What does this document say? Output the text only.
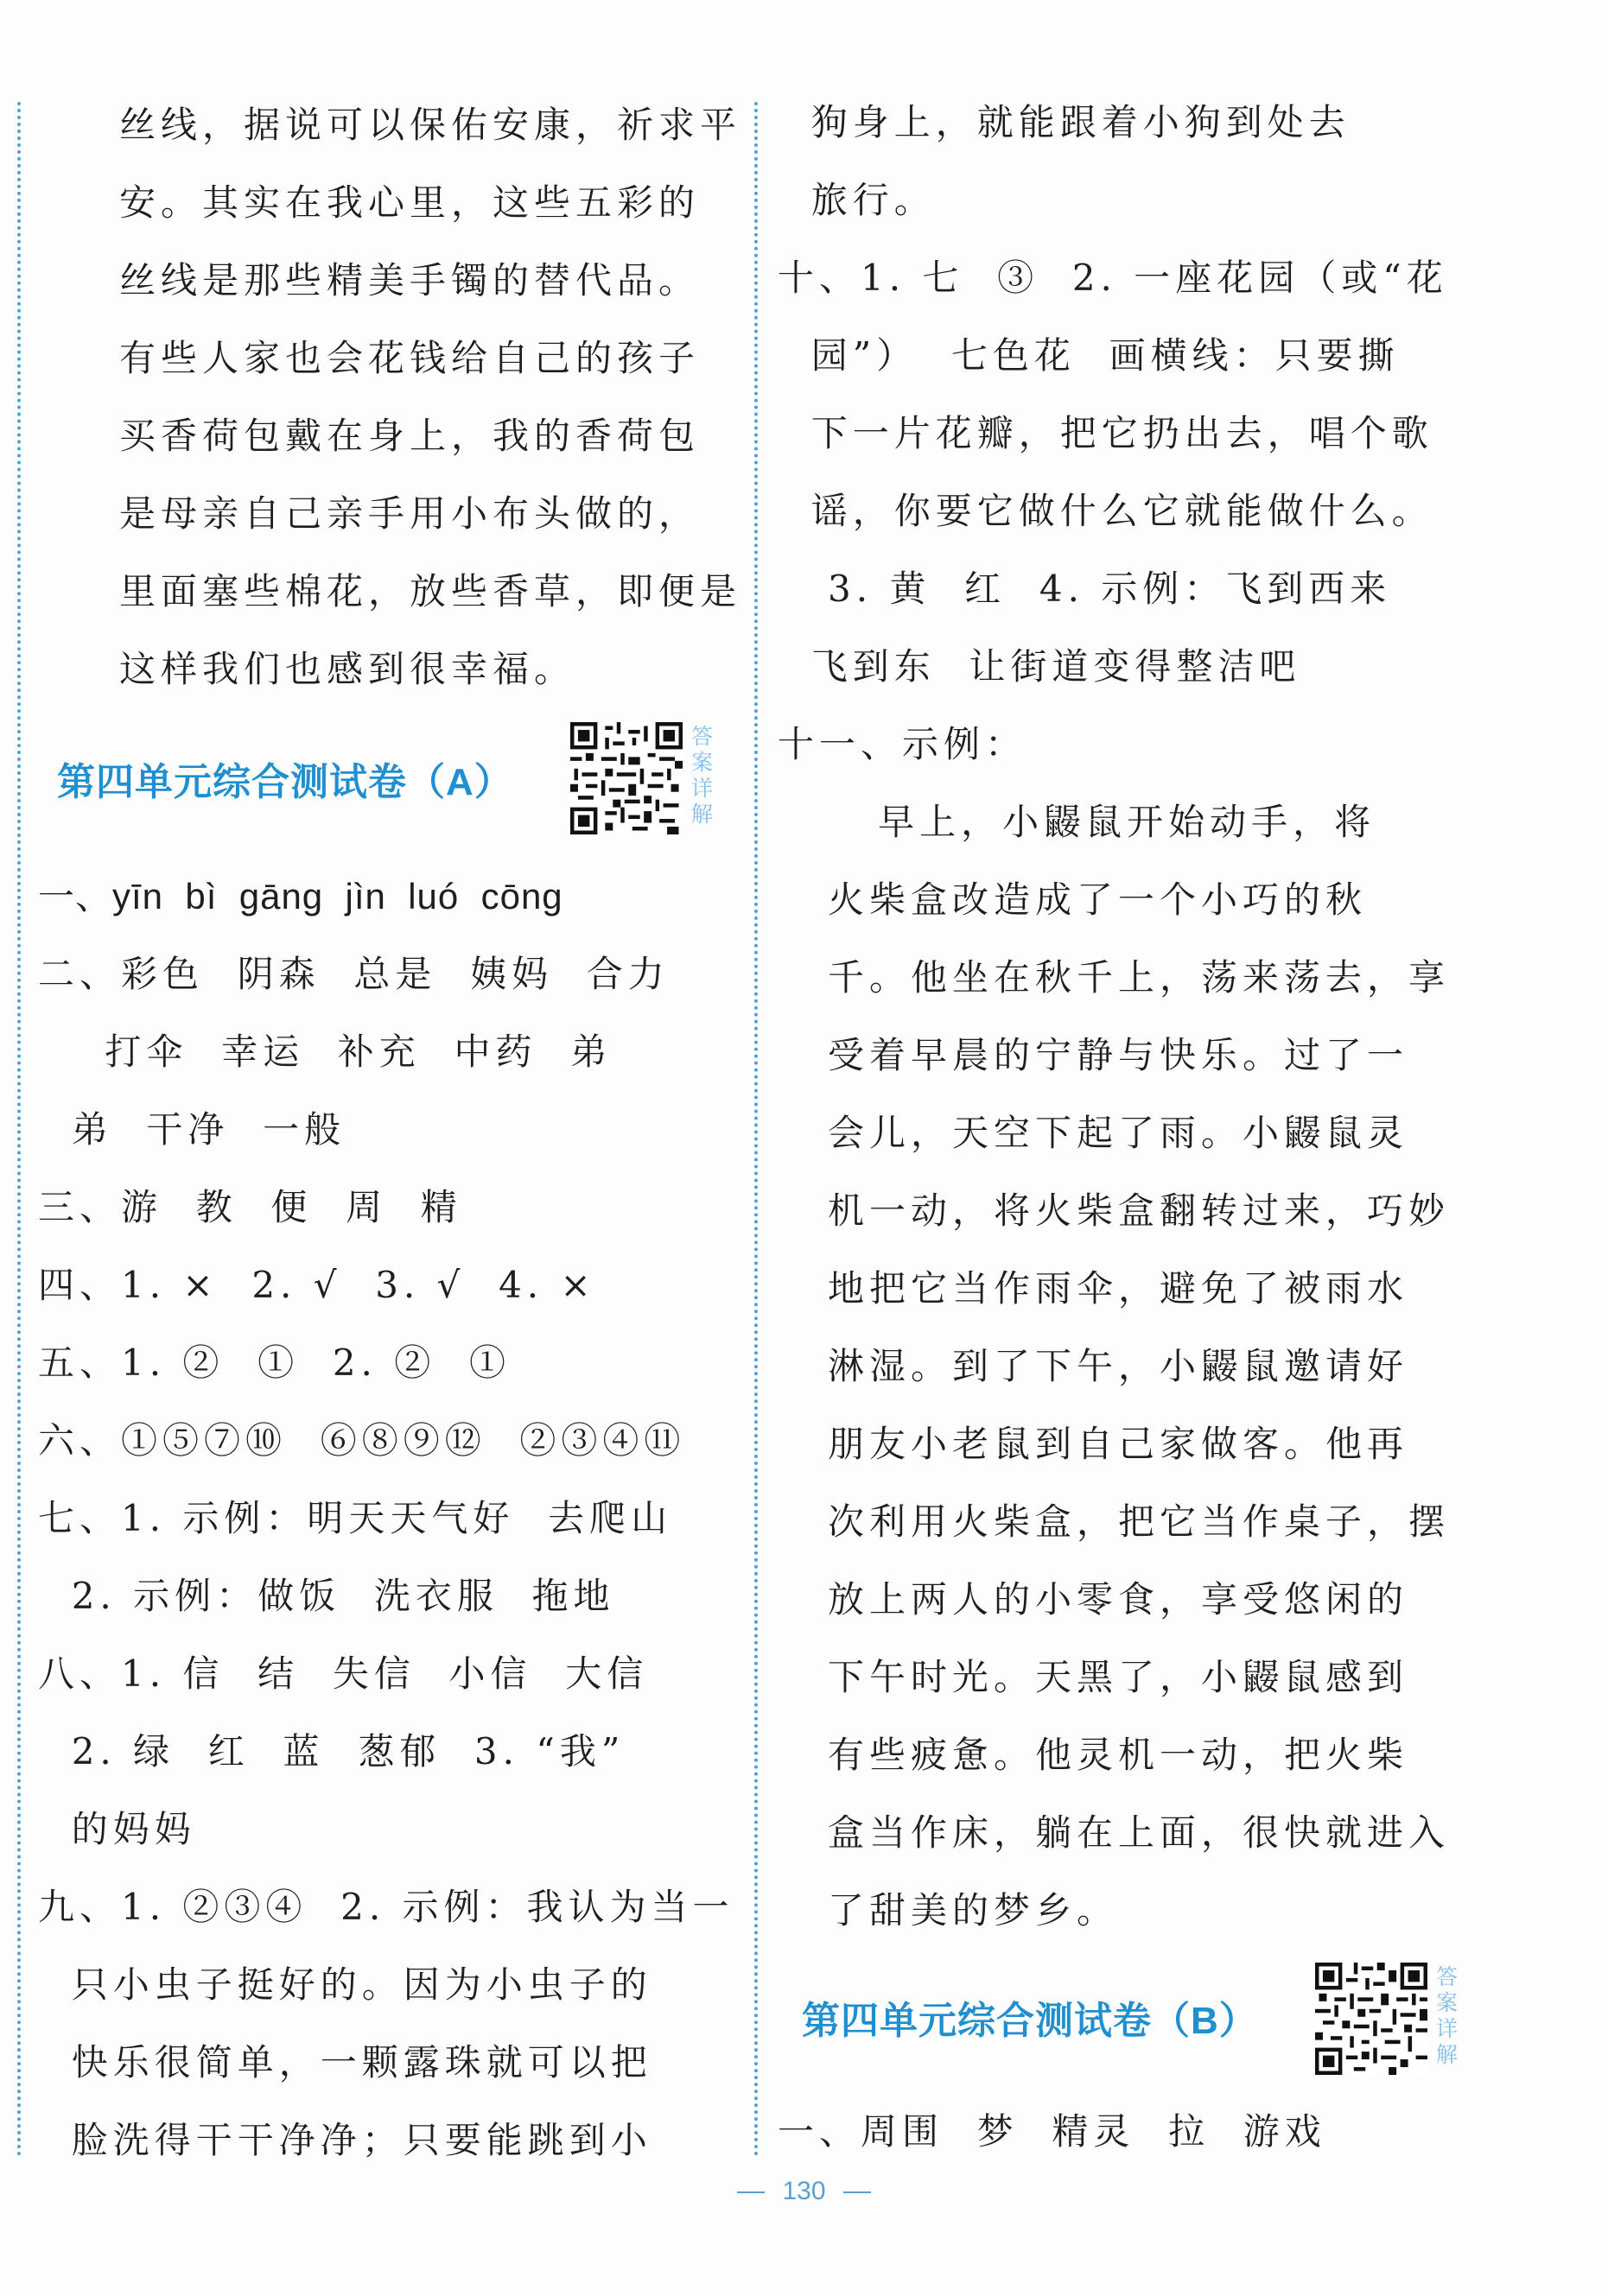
丝线，据说可以保佑安康，祈求平
安。其实在我心里，这些五彩的
丝线是那些精美手镯的替代品。
有些人家也会花钱给自己的孩子
买香荷包戴在身上，我的香荷包
是母亲自己亲手用小布头做的，
里面塞些棉花，放些香草，即便是
这样我们也感到很幸福。
第四单元综合测试卷（A）
答案详解
一、yīn  bì  gāng  jìn  luó  cōng
二、彩色  阴森  总是  姨妈  合力
打伞  幸运  补充  中药  弟
弟  干净  一般
三、游  教  便  周  精
四、1. ×  2. √  3. √  4. ×
五、1. ②  ①  2. ②  ①
六、①⑤⑦⑩  ⑥⑧⑨⑫  ②③④⑪
七、1. 示例：明天天气好  去爬山
2. 示例：做饭  洗衣服  拖地
八、1. 信  结  失信  小信  大信
2. 绿  红  蓝  葱郁  3. “我”
的妈妈
九、1. ②③④  2. 示例：我认为当一
只小虫子挺好的。因为小虫子的
快乐很简单，一颗露珠就可以把
脸洗得干干净净；只要能跳到小
狗身上，就能跟着小狗到处去
旅行。
十、1. 七  ③  2. 一座花园（或“花
园”）  七色花  画横线：只要撕
下一片花瓣，把它扔出去，唱个歌
谣，你要它做什么它就能做什么。
3. 黄  红  4. 示例：飞到西来
飞到东  让街道变得整洁吧
十一、示例：
早上，小鼹鼠开始动手，将
火柴盒改造成了一个小巧的秋
千。他坐在秋千上，荡来荡去，享
受着早晨的宁静与快乐。过了一
会儿，天空下起了雨。小鼹鼠灵
机一动，将火柴盒翻转过来，巧妙
地把它当作雨伞，避免了被雨水
淋湿。到了下午，小鼹鼠邀请好
朋友小老鼠到自己家做客。他再
次利用火柴盒，把它当作桌子，摆
放上两人的小零食，享受悠闲的
下午时光。天黑了，小鼹鼠感到
有些疲惫。他灵机一动，把火柴
盒当作床，躺在上面，很快就进入
了甜美的梦乡。
第四单元综合测试卷（B）
答案详解
一、周围  梦  精灵  拉  游戏
130
